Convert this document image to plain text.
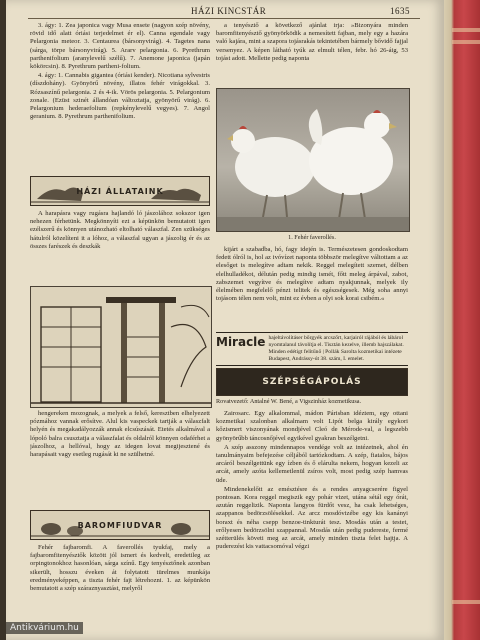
HÁZI KINCSTÁR	1635

3. ágy: 1. Zea japonica vagy Musa ensete (nagyon szép növény, rövid idő alatt óriási terjedelmet ér el). Canna egendale vagy Pelargonia meteor. 3. Centaurea (bársonyvirág). 4. Tagetes nana (sárga, törpe bársonyvirág). 5. Ararv pelargonia. 6. Pyrethrum parthenifolium (aranylevelű szélű). 7. Anemone japonica (japán kökörcsin). 8. Pyrethrum partheni-folium.

4. ágy: 1. Cannabis gigantea (óriási kender). Nicotiana sylvestris (díszdohány). Gyönyörű növény, illatos fehér virágokkal. 3. Rózsaszínű pelargonia. 2 és 4-ik. Vörös pelargonia. 5. Pelargonium zonale. (Ezüst szinét állandóan változtatja, gyönyörű virág). 6. Pelargonium hederaefolium (repkénylevelű vegyes). 7. Angol geranium. 8. Pyrethrum parthenifolium.

HÁZI ÁLLATAINK

A harapásra vagy rugásra hajlandó ló jászolához sokszor igen nehezen férhetünk. Megkönnyíti ezt a képünkön bemutatott igen ezélszerű és könnyen utánozható eltolható válaszfal. Zen szükséges hátulról közelíteni it a lóhoz, a válaszfal ugyan a jászolig ér és az összes farészek és deszkák

hengereken mozognak, a melyek a felső, keresztben elhelyezett pózmához vannak erősítve. Alul kis vaspeckek tartják a válaszfalt helyén és megakadályozzák annak elcsúszását. Etetés alkalmával a lópoló balra csusztatja a válaszfalat és oldalról könnyen odaférhet a jászolhoz, a hellóval, hogy az idegen lovat megijesztené és harapásait vagy esetleg rugását ki ne szülhetné.

BAROMFIUDVAR

Fehér fajbaromfi. A faverollés tyukfaj, mely a fajbaromfitenyésztők között jól ismert és kedvelt, eredetileg az orpingtonokhoz hasonlóan, sárga színű. Egy tenyésztőnek azonban sikerült, hosszu éveken át folytatott türelmes munkája eredményeképpen, a tiszta fehér fajt létrehozni. 1. az képünkön bemutatott a szép száraznyasztást, melyről

a tenyésztő a következő ajánlat irja: »Bizonyára minden baromfitenyésztő gyönyörködik a nemesített fajban, mely egy a hazára való kajára, mint a szapora tojásrakás tekintetében bármely bővidő fajjal versenyez. A képen látható tyúk az elmult télen, febr. hó 26-áig, 53 tojást adott. Mellette pedig naponta

1. Fehér faverollés.

kijárt a szabadba, hó, fagy idején is. Természetesen gondoskodtam fedett ólról is, hol az ivóvízet naponta többször melegítve váltottam a az elesőget is melegítve adtam nekik. Reggel melegített szemet, délben elelhulladékot, délután pedig mindig ismét, főtt meleg árpával, zabot, zabszemet vegyítve és melegítve adtam nyakjunnak, melyek ily élelmében megfelelő pénzt telitek és egészségesek. Még soha annyi tojásom télen nem volt, mint ez évben a olyi sok korai csibém.«

Miracle hajeltávolításer bőrgyék arcszőrt, karjairól rájából és lábárol nyomtalanul távolítja el. Tisztán kezelve, illemb hajszálakat. Minden edétigt felitűnő | Pollák Sarolta kozmetikai intézete Budapest, Andrássy-út 38. szám, I. emelet.
SZÉPSÉGÁPOLÁS
Rovatvezető: Antalné W. Bené, a Vigszinház kozmetikusa.

Zairosarc. Egy alkalommal, mádon Párisban idéztem, egy ottani kozmetikai szalonban alkalmam volt Lipót belga király egykori kőzismert viszonyának mondjével Cleó de Mérode-val, a legszebb gyönyörűbb táncosnőjével egyikével gyakran beszélgetni.

A szép asszony mindennapos vendége volt az intézetnek, ahol én tanulmányaim befejezése céljából tartózkodtam. A szép, fiatalos, bájos arcáról beszélgettünk egy ízben és ő elárulta nekem, hogyan kezeli az arcát, amely azóta kellemetlenül zsíros volt, most pedig szép hamvas üde.

Mindenekelőtt az emésztésre és a rendes anyagcserére figyel pontosan. Kora reggel megiszik egy pohár vizet, utána sétál egy órát, azután reggelizik. Naponta langyos fürdőt vesz, ha csak lehetséges, azappanos bedörzsölésekkel. Az arcz mosdóvizébe egy kis kanányi boraxt és néha csepp benzoe-tinkturát tesz. Mosdás után a testet, erőlyesen bedörzsölni szappannal. Mosdás után pedig pudereste, fermé szétterülés követi meg az arcát, amely minden tiszta felet hajtja. A puderezést kis vattacsomóval végzi

Antikvárium.hu
